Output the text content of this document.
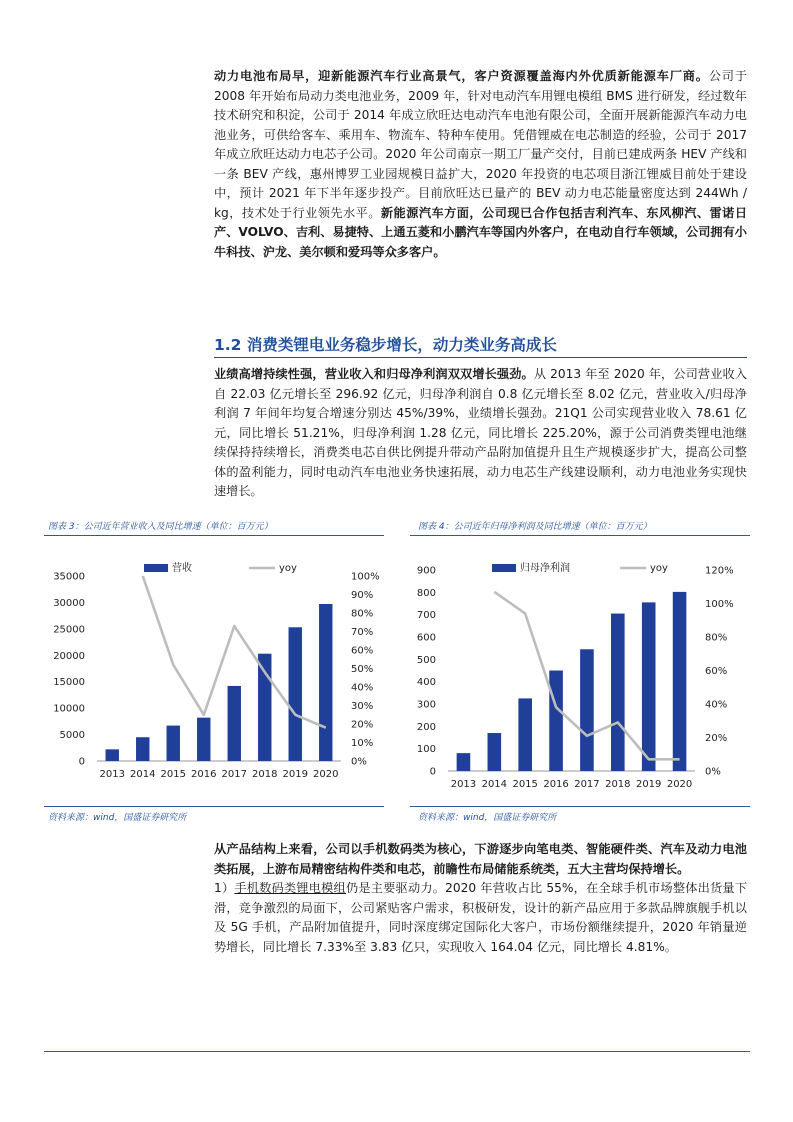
动力电池布局早，迎新能源汽车行业高景气，客户资源覆盖海内外优质新能源车厂商。公司于 2008 年开始布局动力类电池业务，2009 年，针对电动汽车用锂电模组 BMS 进行研发，经过数年技术研究和积淀，公司于 2014 年成立欣旺达电动汽车电池有限公司，全面开展新能源汽车动力电池业务，可供给客车、乘用车、物流车、特种车使用。凭借锂威在电芯制造的经验，公司于 2017 年成立欣旺达动力电芯子公司。2020 年公司南京一期工厂量产交付，目前已建成两条 HEV 产线和一条 BEV 产线，惠州博罗工业园规模日益扩大，2020 年投资的电芯项目浙江锂威目前处于建设中，预计 2021 年下半年逐步投产。目前欣旺达已量产的 BEV 动力电芯能量密度达到 244Wh / kg，技术处于行业领先水平。新能源汽车方面，公司现已合作包括吉利汽车、东风柳汽、雷诺日产、VOLVO、吉利、易捷特、上通五菱和小鹏汽车等国内外客户，在电动自行车领域，公司拥有小牛科技、沪龙、美尔顿和爱玛等众多客户。
1.2 消费类锂电业务稳步增长，动力类业务高成长
业绩高增持续性强，营业收入和归母净利润双双增长强劲。从 2013 年至 2020 年，公司营业收入自 22.03 亿元增长至 296.92 亿元，归母净利润自 0.8 亿元增长至 8.02 亿元，营业收入/归母净利润 7 年间年均复合增速分别达 45%/39%，业绩增长强劲。21Q1 公司实现营业收入 78.61 亿元，同比增长 51.21%，归母净利润 1.28 亿元，同比增长 225.20%，源于公司消费类锂电池继续保持持续增长，消费类电芯自供比例提升带动产品附加值提升且生产规模逐步扩大，提高公司整体的盈利能力，同时电动汽车电池业务快速拓展，动力电芯生产线建设顺利，动力电池业务实现快速增长。
图表 3：公司近年营业收入及同比增速（单位：百万元）	图表 4：公司近年归母净利润及同比增速（单位：百万元）
0
5000
10000
15000
20000
25000
30000
35000
0%
10%
20%
30%
40%
50%
60%
70%
80%
90%
100%
2013 2014 2015 2016 2017 2018 2019 2020
营收	yoy
0
100
200
300
400
500
600
700
800
900
0%
20%
40%
60%
80%
100%
120%
2013 2014 2015 2016 2017 2018 2019 2020
归母净利润	yoy
资料来源：wind，国盛证券研究所	资料来源：wind，国盛证券研究所
从产品结构上来看，公司以手机数码类为核心，下游逐步向笔电类、智能硬件类、汽车及动力电池类拓展，上游布局精密结构件类和电芯，前瞻性布局储能系统类，五大主营均保持增长。
1）手机数码类锂电模组仍是主要驱动力。2020 年营收占比 55%，在全球手机市场整体出货量下滑，竞争激烈的局面下，公司紧贴客户需求，积极研发，设计的新产品应用于多款品牌旗舰手机以及 5G 手机，产品附加值提升，同时深度绑定国际化大客户，市场份额继续提升，2020 年销量逆势增长，同比增长 7.33%至 3.83 亿只，实现收入 164.04 亿元，同比增长 4.81%。
